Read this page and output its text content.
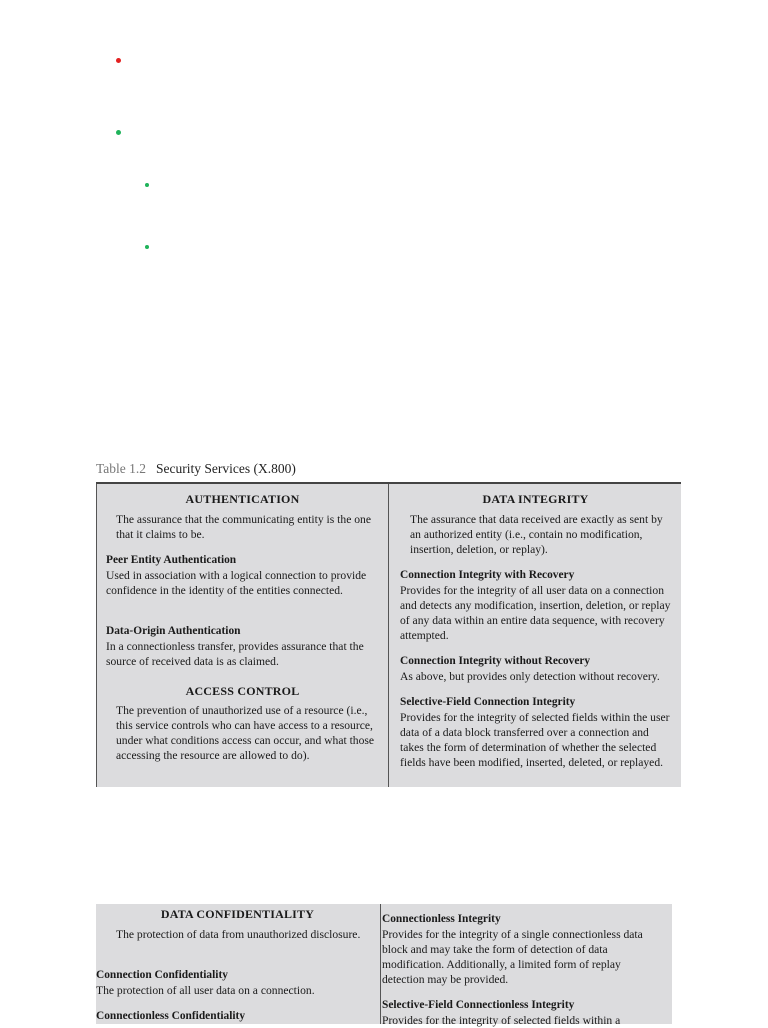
Table 1.2 Security Services (X.800)
AUTHENTICATION
The assurance that the communicating entity is the one that it claims to be.
Peer Entity Authentication
Used in association with a logical connection to provide confidence in the identity of the entities connected.
Data-Origin Authentication
In a connectionless transfer, provides assurance that the source of received data is as claimed.
ACCESS CONTROL
The prevention of unauthorized use of a resource (i.e., this service controls who can have access to a resource, under what conditions access can occur, and what those accessing the resource are allowed to do).
DATA INTEGRITY
The assurance that data received are exactly as sent by an authorized entity (i.e., contain no modification, insertion, deletion, or replay).
Connection Integrity with Recovery
Provides for the integrity of all user data on a connection and detects any modification, insertion, deletion, or replay of any data within an entire data sequence, with recovery attempted.
Connection Integrity without Recovery
As above, but provides only detection without recovery.
Selective-Field Connection Integrity
Provides for the integrity of selected fields within the user data of a data block transferred over a connection and takes the form of determination of whether the selected fields have been modified, inserted, deleted, or replayed.
DATA CONFIDENTIALITY
The protection of data from unauthorized disclosure.
Connection Confidentiality
The protection of all user data on a connection.
Connectionless Confidentiality
Connectionless Integrity
Provides for the integrity of a single connectionless data block and may take the form of detection of data modification. Additionally, a limited form of replay detection may be provided.
Selective-Field Connectionless Integrity
Provides for the integrity of selected fields within a
